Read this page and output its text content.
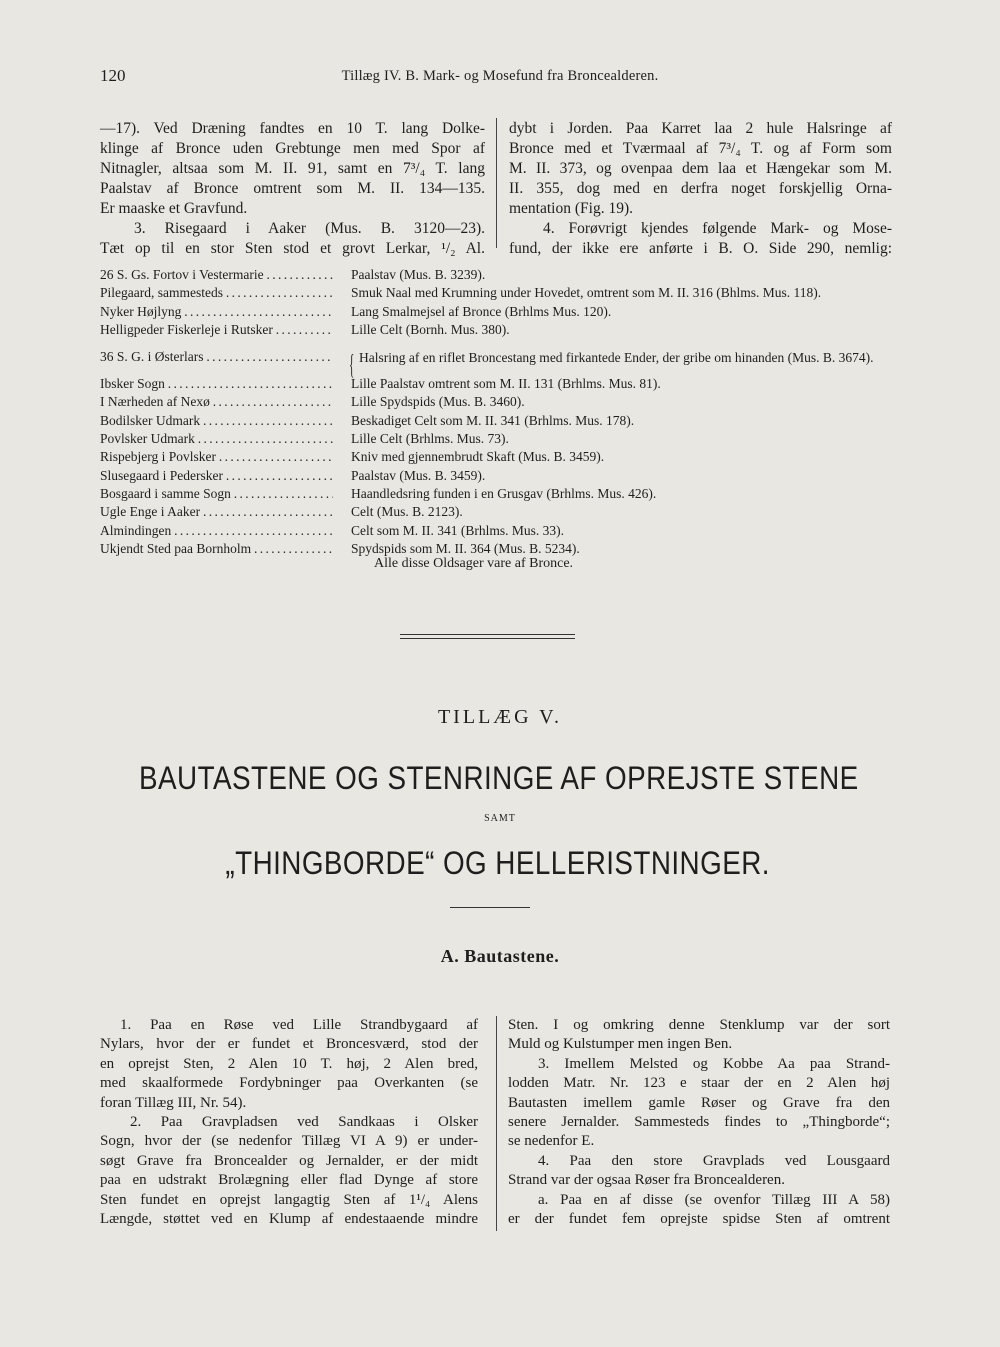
120	Tillæg IV. B. Mark- og Mosefund fra Broncealderen.
—17). Ved Dræning fandtes en 10 T. lang Dolke-
klinge af Bronce uden Grebtunge men med Spor af
Nitnagler, altsaa som M. II. 91, samt en 7³/₄ T. lang
Paalstav af Bronce omtrent som M. II. 134—135.
Er maaske et Gravfund.
3. Risegaard i Aaker (Mus. B. 3120—23).
Tæt op til en stor Sten stod et grovt Lerkar, ¹/₂ Al.
dybt i Jorden. Paa Karret laa 2 hule Halsringe af
Bronce med et Tværmaal af 7³/₄ T. og af Form som
M. II. 373, og ovenpaa dem laa et Hængekar som M.
II. 355, dog med en derfra noget forskjellig Orna-
mentation (Fig. 19).
4. Forøvrigt kjendes følgende Mark- og Mose-
fund, der ikke ere anførte i B. O. Side 290, nemlig:
26 S. Gs. Fortov i Vestermarie . . .	Paalstav (Mus. B. 3239).
Pilegaard, sammesteds . . .	Smuk Naal med Krumning under Hovedet, omtrent som M. II. 316 (Bhlms. Mus. 118).
Nyker Højlyng . . .	Lang Smalmejsel af Bronce (Brhlms Mus. 120).
Helligpeder Fiskerleje i Rutsker . . .	Lille Celt (Bornh. Mus. 380).
36 S. G. i Østerlars . . .	{ Halsring af en riflet Broncestang med firkantede Ender, der gribe om hinanden (Mus. B. 3674).
Ibsker Sogn . . .	Lille Paalstav omtrent som M. II. 131 (Brhlms. Mus. 81).
I Nærheden af Nexø . . .	Lille Spydspids (Mus. B. 3460).
Bodilsker Udmark . . .	Beskadiget Celt som M. II. 341 (Brhlms. Mus. 178).
Povlsker Udmark . . .	Lille Celt (Brhlms. Mus. 73).
Rispebjerg i Povlsker . . .	Kniv med gjennembrudt Skaft (Mus. B. 3459).
Slusegaard i Pedersker . . .	Paalstav (Mus. B. 3459).
Bosgaard i samme Sogn . . .	Haandledsring funden i en Grusgav (Brhlms. Mus. 426).
Ugle Enge i Aaker . . .	Celt (Mus. B. 2123).
Almindingen . . .	Celt som M. II. 341 (Brhlms. Mus. 33).
Ukjendt Sted paa Bornholm . . .	Spydspids som M. II. 364 (Mus. B. 5234).
Alle disse Oldsager vare af Bronce.
TILLÆG V.
BAUTASTENE OG STENRINGE AF OPREJSTE STENE
SAMT
„THINGBORDE“ OG HELLERISTNINGER.
A. Bautastene.
1. Paa en Røse ved Lille Strandbygaard af
Nylars, hvor der er fundet et Broncesværd, stod der
en oprejst Sten, 2 Alen 10 T. høj, 2 Alen bred,
med skaalformede Fordybninger paa Overkanten (se
foran Tillæg III, Nr. 54).
2. Paa Gravpladsen ved Sandkaas i Olsker
Sogn, hvor der (se nedenfor Tillæg VI A 9) er under-
søgt Grave fra Broncealder og Jernalder, er der midt
paa en udstrakt Brolægning eller flad Dynge af store
Sten fundet en oprejst langagtig Sten af 1¹/₄ Alens
Længde, støttet ved en Klump af endestaaende mindre
Sten. I og omkring denne Stenklump var der sort
Muld og Kulstumper men ingen Ben.
3. Imellem Melsted og Kobbe Aa paa Strand-
lodden Matr. Nr. 123 e staar der en 2 Alen høj
Bautasten imellem gamle Røser og Grave fra den
senere Jernalder. Sammesteds findes to „Thingborde“;
se nedenfor E.
4. Paa den store Gravplads ved Lousgaard
Strand var der ogsaa Røser fra Broncealderen.
a. Paa en af disse (se ovenfor Tillæg III A 58)
er der fundet fem oprejste spidse Sten af omtrent
